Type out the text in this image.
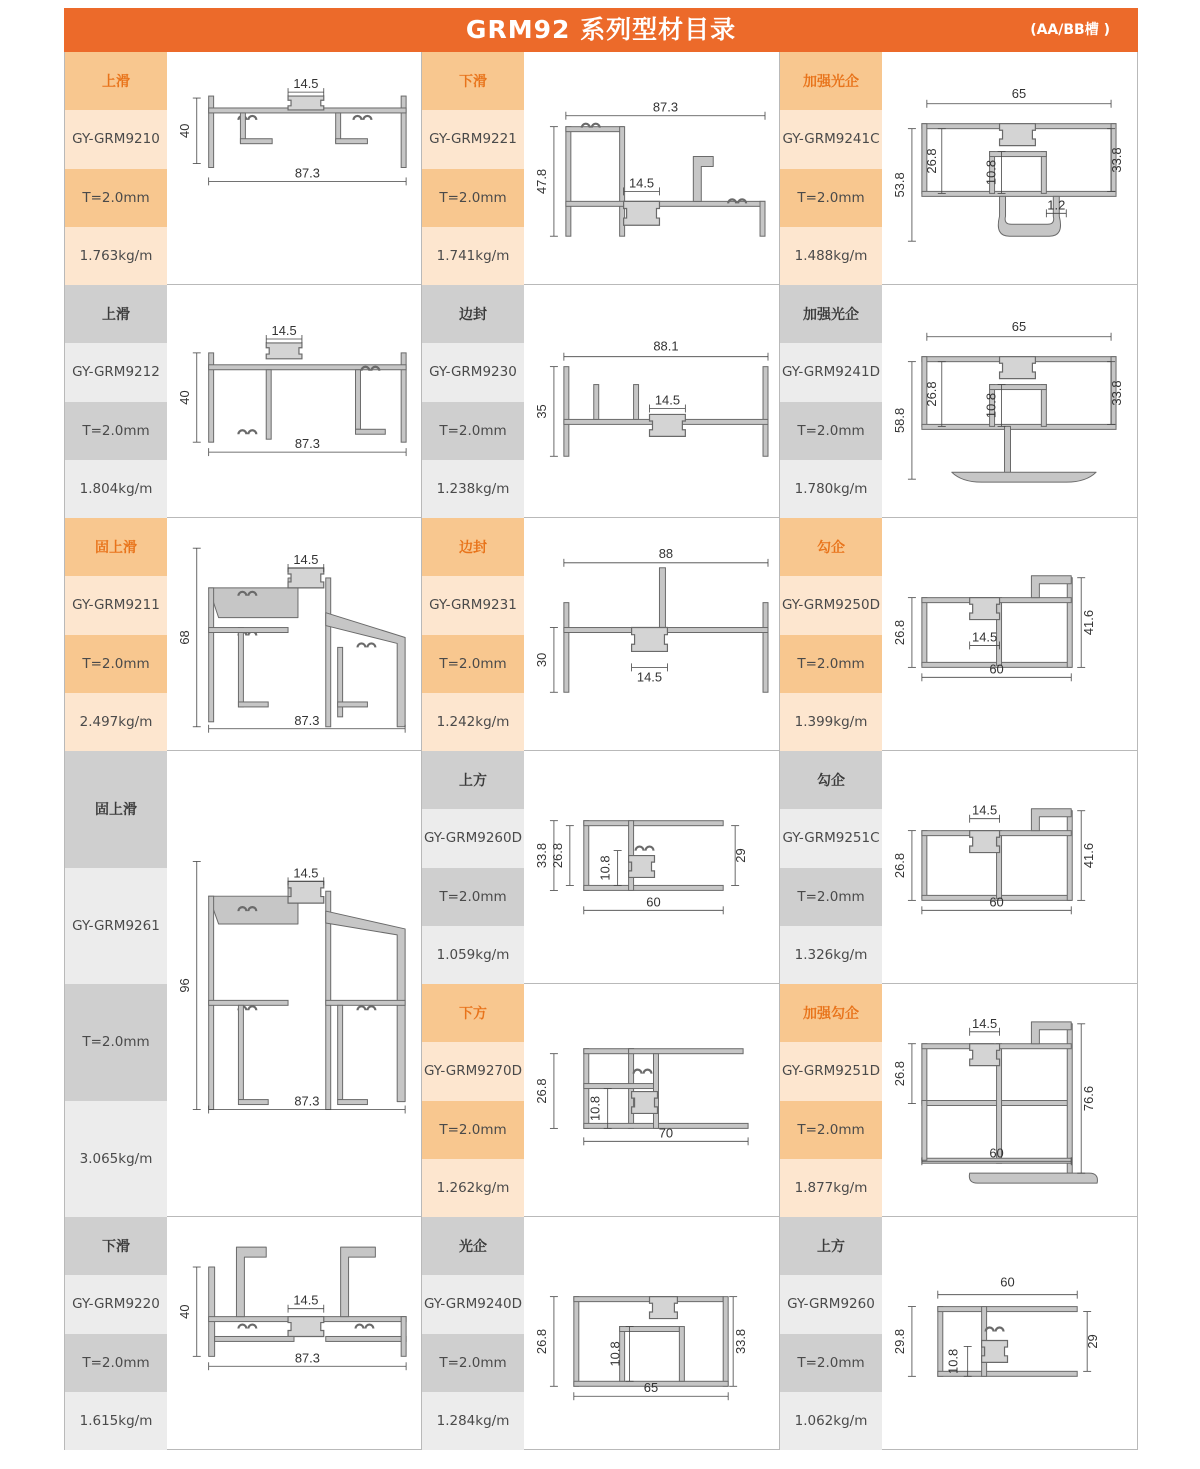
GRM92 系列型材目录	(AA/BB槽 )
上滑
GY-GRM9210
T=2.0mm
1.763kg/m
14.5
40
87.3
下滑
GY-GRM9221
T=2.0mm
1.741kg/m
87.3
14.5
47.8
加强光企
GY-GRM9241C
T=2.0mm
1.488kg/m
65
26.8	10.8	33.8
53.8
1.2
上滑
GY-GRM9212
T=2.0mm
1.804kg/m
14.5
40
87.3
边封
GY-GRM9230
T=2.0mm
1.238kg/m
88.1
14.5
35
加强光企
GY-GRM9241D
T=2.0mm
1.780kg/m
65
26.8	10.8	33.8
58.8
固上滑
GY-GRM9211
T=2.0mm
2.497kg/m
14.5
68
87.3
边封
GY-GRM9231
T=2.0mm
1.242kg/m
88
30
14.5
勾企
GY-GRM9250D
T=2.0mm
1.399kg/m
26.8	14.5
41.6
60
固上滑
GY-GRM9261
T=2.0mm
3.065kg/m
14.5
96
87.3
上方
GY-GRM9260D
T=2.0mm
1.059kg/m
60
33.8 26.8	10.8	29
勾企
GY-GRM9251C
T=2.0mm
1.326kg/m
14.5
26.8	41.6
60
下方
GY-GRM9270D
T=2.0mm
1.262kg/m
26.8
10.8
70
加强勾企
GY-GRM9251D
T=2.0mm
1.877kg/m
14.5
26.8
76.6
60
下滑
GY-GRM9220
T=2.0mm
1.615kg/m
14.5
40
87.3
光企
GY-GRM9240D
T=2.0mm
1.284kg/m
26.8	10.8	33.8
65
上方
GY-GRM9260
T=2.0mm
1.062kg/m
60
29.8
10.8
29
